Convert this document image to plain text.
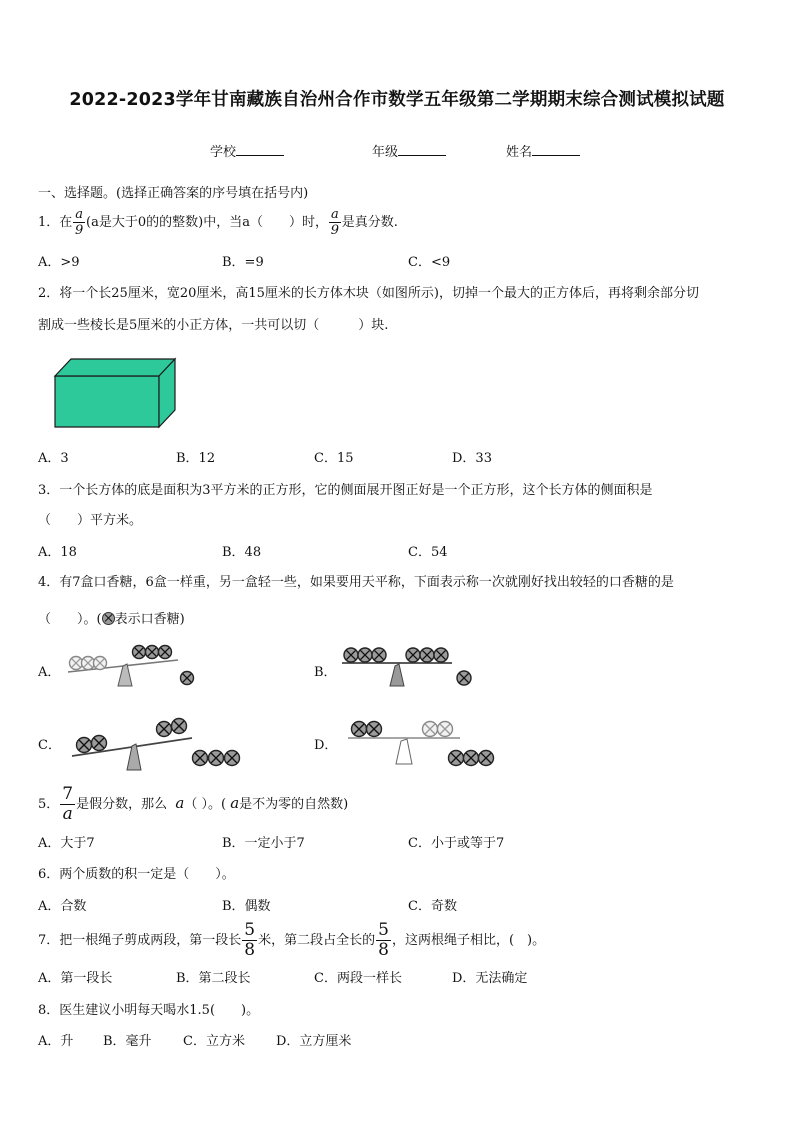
2022-2023学年甘南藏族自治州合作市数学五年级第二学期期末综合测试模拟试题
学校	年级	姓名
一、选择题。(选择正确答案的序号填在括号内)
1．在 $\frac{a}{9} (a$是大于0的的整数)中，当a（　　）时， $\frac{a}{9}$ 是真分数.
A．>9	B．=9	C．<9
2．将一个长25厘米，宽20厘米，高15厘米的长方体木块（如图所示)，切掉一个最大的正方体后，再将剩余部分切
割成一些棱长是5厘米的小正方体，一共可以切（　　　）块.
A．3	B．12	C．15	D．33
3．一个长方体的底是面积为3平方米的正方形，它的侧面展开图正好是一个正方形，这个长方体的侧面积是
（　　）平方米。
A．18	B．48	C．54
4．有7盒口香糖，6盒一样重，另一盒轻一些，如果要用天平称，下面表示称一次就刚好找出较轻的口香糖的是
（　　）。( 表示口香糖)
A．	B．
C．	D．
5． $\frac{7}{a}$ 是假分数，那么 a（ ）。( a是不为零的自然数)
A．大于7	B．一定小于7	C．小于或等于7
6．两个质数的积一定是（　　）。
A．合数	B．偶数	C．奇数
7．把一根绳子剪成两段，第一段长 $\frac{5}{8}$ 米，第二段占全长的 $\frac{5}{8}$ ，这两根绳子相比，(　)。
A．第一段长	B．第二段长	C．两段一样长	D．无法确定
8．医生建议小明每天喝水1.5(　　)。
A．升 B．毫升 C．立方米 D．立方厘米
